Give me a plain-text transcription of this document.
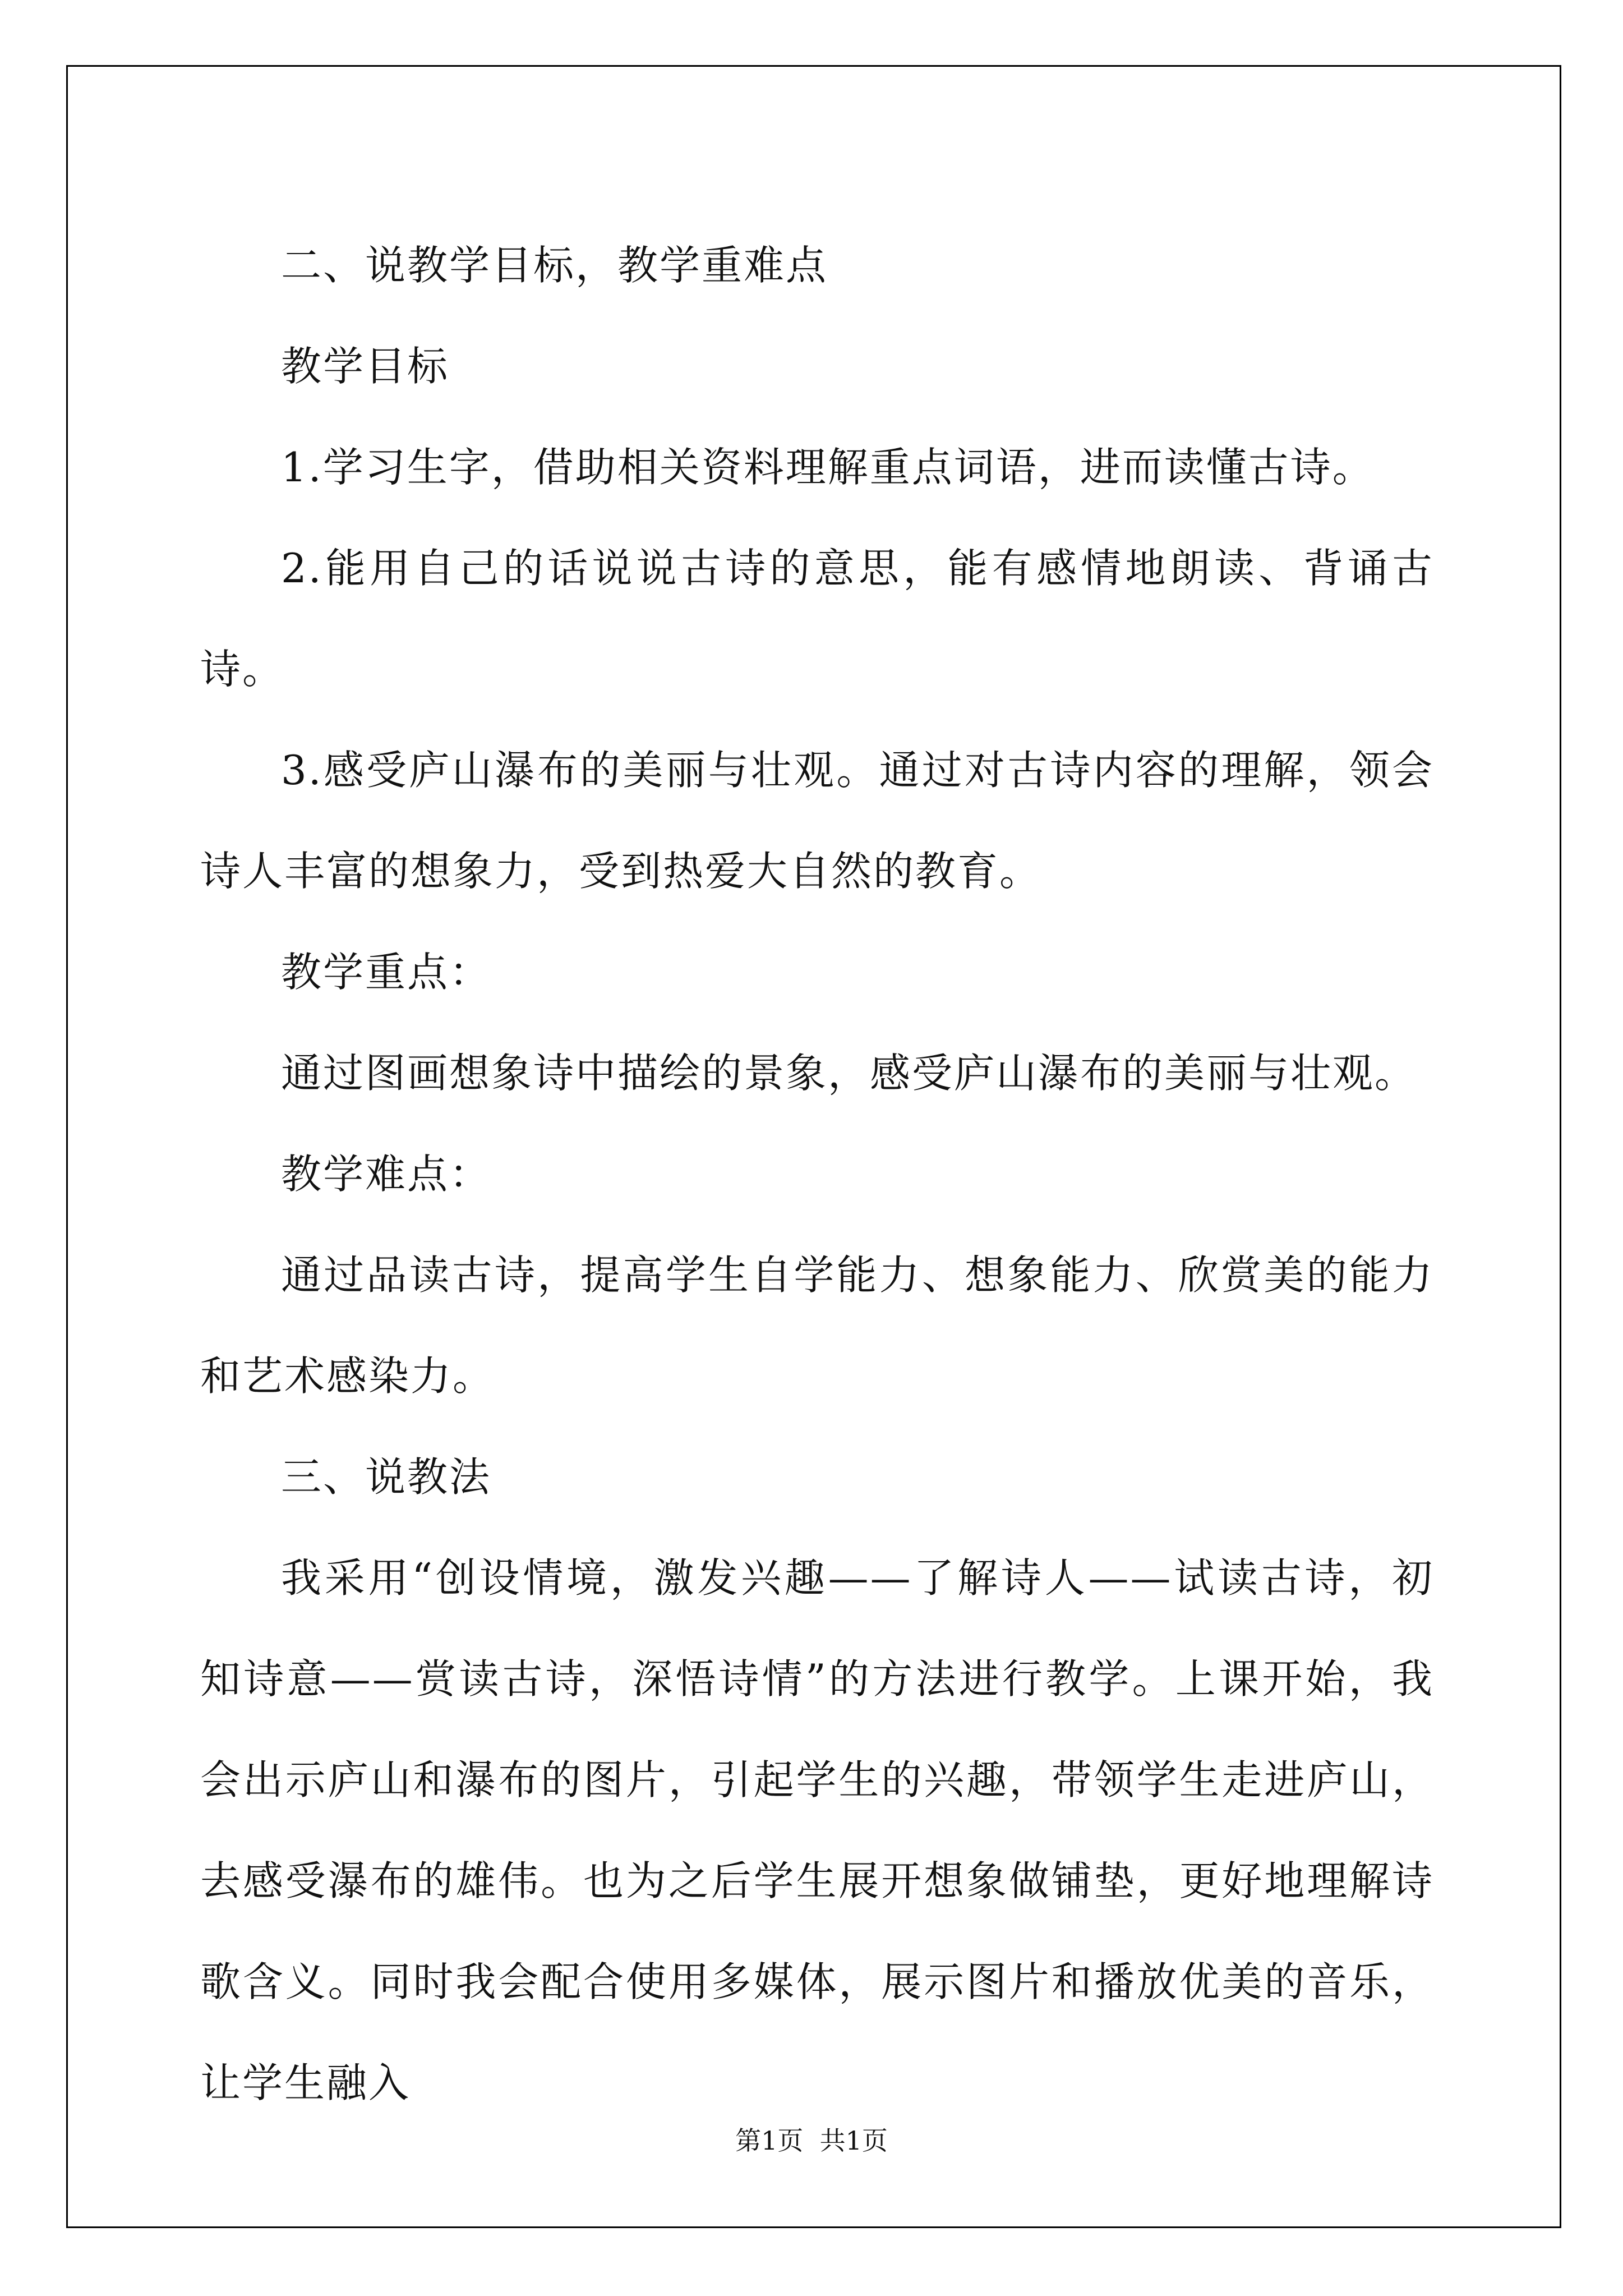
二、说教学目标，教学重难点

教学目标

1.学习生字，借助相关资料理解重点词语，进而读懂古诗。

2.能用自己的话说说古诗的意思，能有感情地朗读、背诵古诗。

3.感受庐山瀑布的美丽与壮观。通过对古诗内容的理解，领会诗人丰富的想象力，受到热爱大自然的教育。

教学重点：

通过图画想象诗中描绘的景象，感受庐山瀑布的美丽与壮观。

教学难点：

通过品读古诗，提高学生自学能力、想象能力、欣赏美的能力和艺术感染力。

三、说教法

我采用“创设情境，激发兴趣——了解诗人——试读古诗，初知诗意——赏读古诗，深悟诗情”的方法进行教学。上课开始，我会出示庐山和瀑布的图片，引起学生的兴趣，带领学生走进庐山，去感受瀑布的雄伟。也为之后学生展开想象做铺垫，更好地理解诗歌含义。同时我会配合使用多媒体，展示图片和播放优美的音乐，让学生融入

第1页  共1页
